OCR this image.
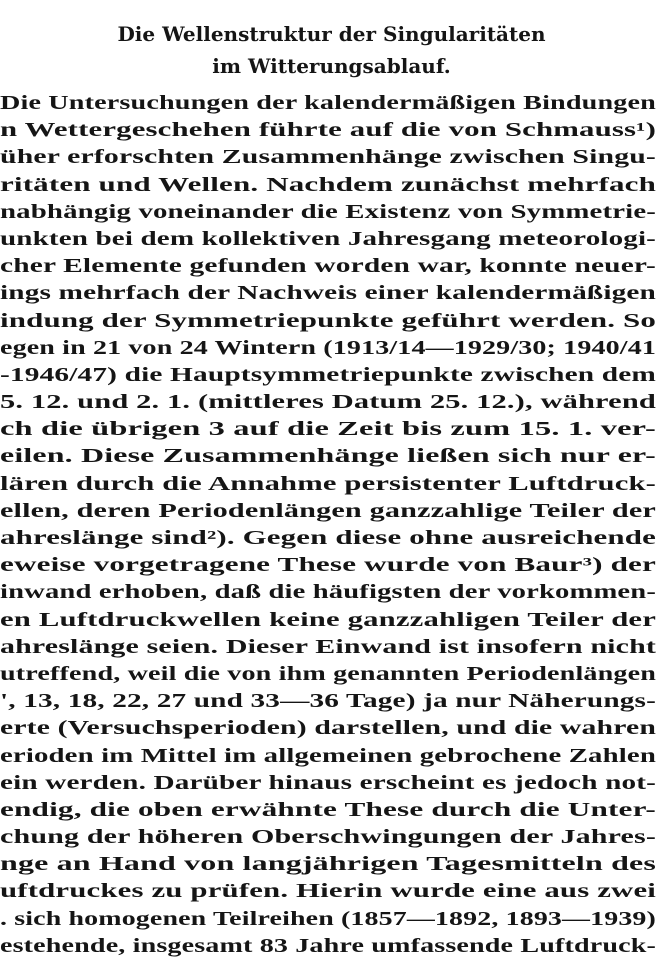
Die Wellenstruktur der Singularitäten
im Witterungsablauf.
Die Untersuchungen der kalendermäßigen Bindungen
n Wettergeschehen führte auf die von Schmauss¹)
üher erforschten Zusammenhänge zwischen Singu-
ritäten und Wellen. Nachdem zunächst mehrfach
nabhängig voneinander die Existenz von Symmetrie-
unkten bei dem kollektiven Jahresgang meteorologi-
cher Elemente gefunden worden war, konnte neuer-
ings mehrfach der Nachweis einer kalendermäßigen
indung der Symmetriepunkte geführt werden. So
egen in 21 von 24 Wintern (1913/14—1929/30; 1940/41
-1946/47) die Hauptsymmetriepunkte zwischen dem
5. 12. und 2. 1. (mittleres Datum 25. 12.), während
ch die übrigen 3 auf die Zeit bis zum 15. 1. ver-
eilen. Diese Zusammenhänge ließen sich nur er-
lären durch die Annahme persistenter Luftdruck-
ellen, deren Periodenlängen ganzzahlige Teiler der
ahreslänge sind²). Gegen diese ohne ausreichende
eweise vorgetragene These wurde von Baur³) der
inwand erhoben, daß die häufigsten der vorkommen-
en Luftdruckwellen keine ganzzahligen Teiler der
ahreslänge seien. Dieser Einwand ist insofern nicht
utreffend, weil die von ihm genannten Periodenlängen
', 13, 18, 22, 27 und 33—36 Tage) ja nur Näherungs-
erte (Versuchsperioden) darstellen, und die wahren
erioden im Mittel im allgemeinen gebrochene Zahlen
ein werden. Darüber hinaus erscheint es jedoch not-
endig, die oben erwähnte These durch die Unter-
chung der höheren Oberschwingungen der Jahres-
nge an Hand von langjährigen Tagesmitteln des
uftdruckes zu prüfen. Hierin wurde eine aus zwei
. sich homogenen Teilreihen (1857—1892, 1893—1939)
estehende, insgesamt 83 Jahre umfassende Luftdruck-
